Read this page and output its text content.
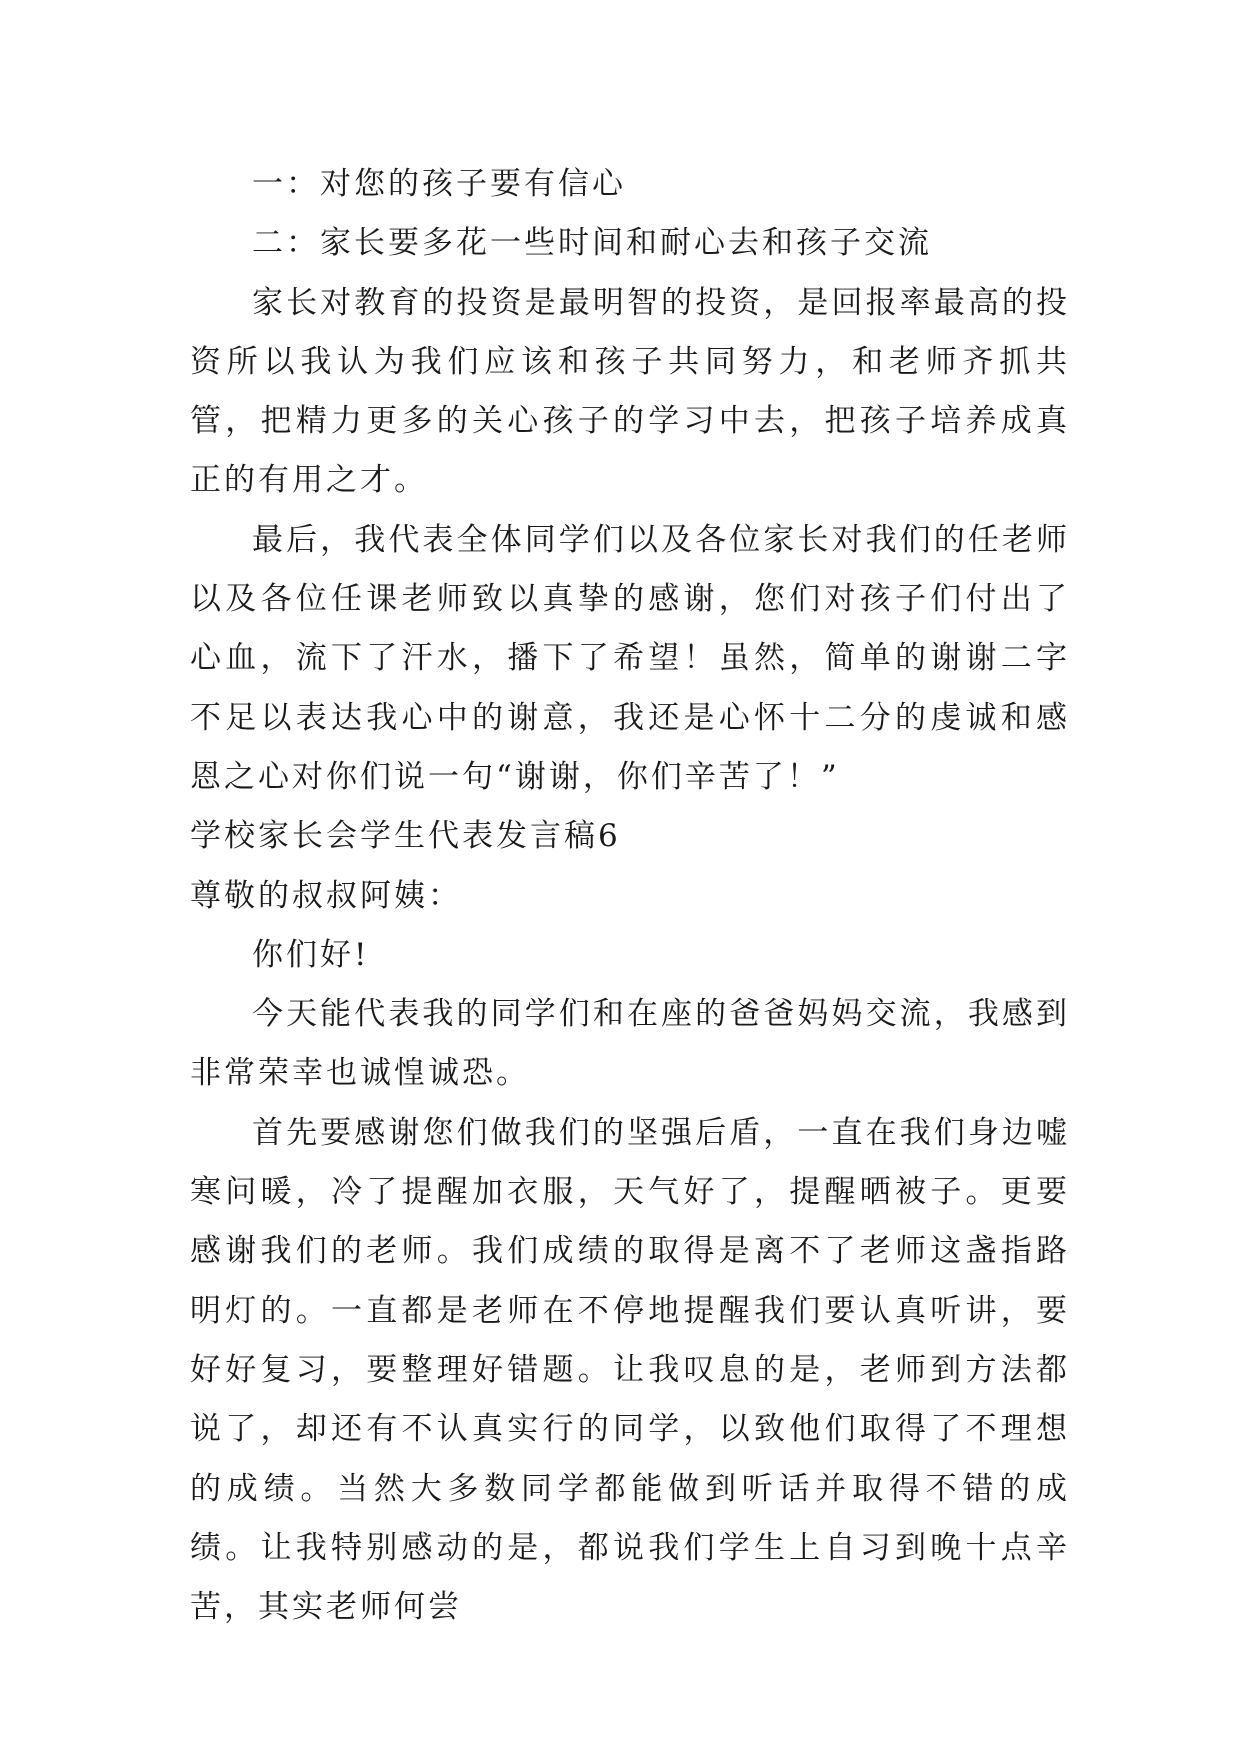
一：对您的孩子要有信心

二：家长要多花一些时间和耐心去和孩子交流

家长对教育的投资是最明智的投资，是回报率最高的投资所以我认为我们应该和孩子共同努力，和老师齐抓共管，把精力更多的关心孩子的学习中去，把孩子培养成真正的有用之才。

最后，我代表全体同学们以及各位家长对我们的任老师以及各位任课老师致以真挚的感谢，您们对孩子们付出了心血，流下了汗水，播下了希望！虽然，简单的谢谢二字不足以表达我心中的谢意，我还是心怀十二分的虔诚和感恩之心对你们说一句“谢谢，你们辛苦了！”

学校家长会学生代表发言稿6

尊敬的叔叔阿姨：

你们好!

今天能代表我的同学们和在座的爸爸妈妈交流，我感到非常荣幸也诚惶诚恐。

首先要感谢您们做我们的坚强后盾，一直在我们身边嘘寒问暖，冷了提醒加衣服，天气好了，提醒晒被子。更要感谢我们的老师。我们成绩的取得是离不了老师这盏指路明灯的。一直都是老师在不停地提醒我们要认真听讲，要好好复习，要整理好错题。让我叹息的是，老师到方法都说了，却还有不认真实行的同学，以致他们取得了不理想的成绩。当然大多数同学都能做到听话并取得不错的成绩。让我特别感动的是，都说我们学生上自习到晚十点辛苦，其实老师何尝
